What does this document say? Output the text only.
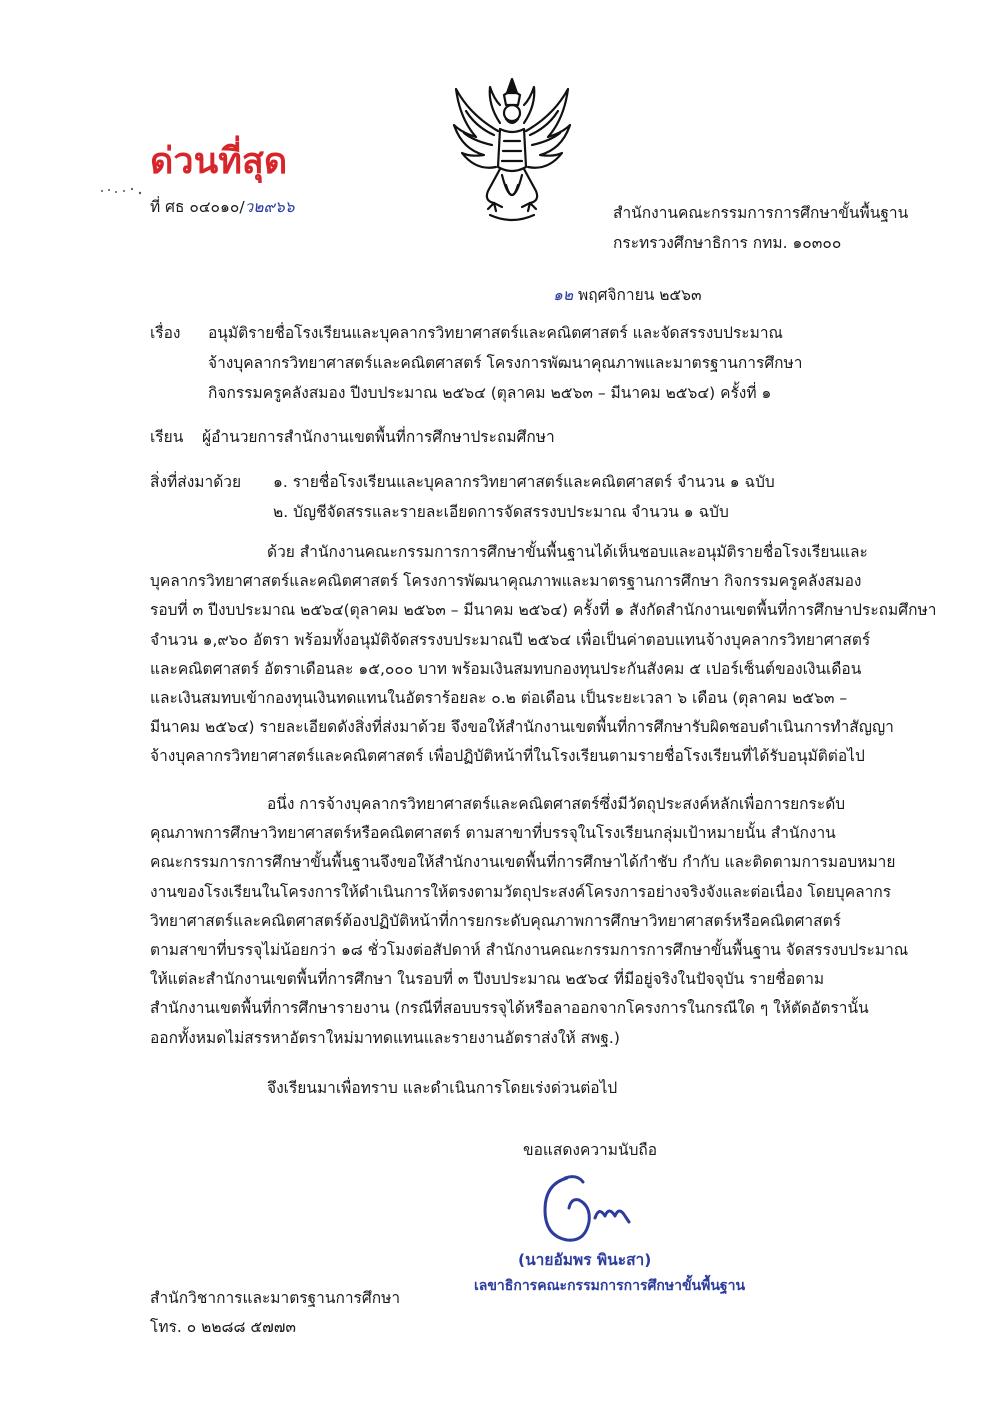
ด่วนที่สุด
ที่ ศธ ๐๔๐๑๐/ว๒๙๖๖	สำนักงานคณะกรรมการการศึกษาขั้นพื้นฐาน
กระทรวงศึกษาธิการ กทม. ๑๐๓๐๐
๑๒ พฤศจิกายน ๒๕๖๓
เรื่อง อนุมัติรายชื่อโรงเรียนและบุคลากรวิทยาศาสตร์และคณิตศาสตร์ และจัดสรรงบประมาณ
จ้างบุคลากรวิทยาศาสตร์และคณิตศาสตร์ โครงการพัฒนาคุณภาพและมาตรฐานการศึกษา
กิจกรรมครูคลังสมอง ปีงบประมาณ ๒๕๖๔ (ตุลาคม ๒๕๖๓ – มีนาคม ๒๕๖๔) ครั้งที่ ๑
เรียน ผู้อำนวยการสำนักงานเขตพื้นที่การศึกษาประถมศึกษา
สิ่งที่ส่งมาด้วย ๑. รายชื่อโรงเรียนและบุคลากรวิทยาศาสตร์และคณิตศาสตร์ จำนวน ๑ ฉบับ
๒. บัญชีจัดสรรและรายละเอียดการจัดสรรงบประมาณ จำนวน ๑ ฉบับ
ด้วย สำนักงานคณะกรรมการการศึกษาขั้นพื้นฐานได้เห็นชอบและอนุมัติรายชื่อโรงเรียนและ
บุคลากรวิทยาศาสตร์และคณิตศาสตร์ โครงการพัฒนาคุณภาพและมาตรฐานการศึกษา กิจกรรมครูคลังสมอง
รอบที่ ๓ ปีงบประมาณ ๒๕๖๔(ตุลาคม ๒๕๖๓ – มีนาคม ๒๕๖๔) ครั้งที่ ๑ สังกัดสำนักงานเขตพื้นที่การศึกษาประถมศึกษา
จำนวน ๑,๙๖๐ อัตรา พร้อมทั้งอนุมัติจัดสรรงบประมาณปี ๒๕๖๔ เพื่อเป็นค่าตอบแทนจ้างบุคลากรวิทยาศาสตร์
และคณิตศาสตร์ อัตราเดือนละ ๑๕,๐๐๐ บาท พร้อมเงินสมทบกองทุนประกันสังคม ๕ เปอร์เซ็นต์ของเงินเดือน
และเงินสมทบเข้ากองทุนเงินทดแทนในอัตราร้อยละ ๐.๒ ต่อเดือน เป็นระยะเวลา ๖ เดือน (ตุลาคม ๒๕๖๓ –
มีนาคม ๒๕๖๔) รายละเอียดดังสิ่งที่ส่งมาด้วย จึงขอให้สำนักงานเขตพื้นที่การศึกษารับผิดชอบดำเนินการทำสัญญา
จ้างบุคลากรวิทยาศาสตร์และคณิตศาสตร์ เพื่อปฏิบัติหน้าที่ในโรงเรียนตามรายชื่อโรงเรียนที่ได้รับอนุมัติต่อไป
อนึ่ง การจ้างบุคลากรวิทยาศาสตร์และคณิตศาสตร์ซึ่งมีวัตถุประสงค์หลักเพื่อการยกระดับ
คุณภาพการศึกษาวิทยาศาสตร์หรือคณิตศาสตร์ ตามสาขาที่บรรจุในโรงเรียนกลุ่มเป้าหมายนั้น สำนักงาน
คณะกรรมการการศึกษาขั้นพื้นฐานจึงขอให้สำนักงานเขตพื้นที่การศึกษาได้กำชับ กำกับ และติดตามการมอบหมาย
งานของโรงเรียนในโครงการให้ดำเนินการให้ตรงตามวัตถุประสงค์โครงการอย่างจริงจังและต่อเนื่อง โดยบุคลากร
วิทยาศาสตร์และคณิตศาสตร์ต้องปฏิบัติหน้าที่การยกระดับคุณภาพการศึกษาวิทยาศาสตร์หรือคณิตศาสตร์
ตามสาขาที่บรรจุไม่น้อยกว่า ๑๘ ชั่วโมงต่อสัปดาห์ สำนักงานคณะกรรมการการศึกษาขั้นพื้นฐาน จัดสรรงบประมาณ
ให้แต่ละสำนักงานเขตพื้นที่การศึกษา ในรอบที่ ๓ ปีงบประมาณ ๒๕๖๔ ที่มีอยู่จริงในปัจจุบัน รายชื่อตาม
สำนักงานเขตพื้นที่การศึกษารายงาน (กรณีที่สอบบรรจุได้หรือลาออกจากโครงการในกรณีใด ๆ ให้ตัดอัตรานั้น
ออกทั้งหมดไม่สรรหาอัตราใหม่มาทดแทนและรายงานอัตราส่งให้ สพฐ.)
จึงเรียนมาเพื่อทราบ และดำเนินการโดยเร่งด่วนต่อไป
ขอแสดงความนับถือ
(นายอัมพร พินะสา)
เลขาธิการคณะกรรมการการศึกษาขั้นพื้นฐาน
สำนักวิชาการและมาตรฐานการศึกษา
โทร. ๐ ๒๒๘๘ ๕๗๗๓
